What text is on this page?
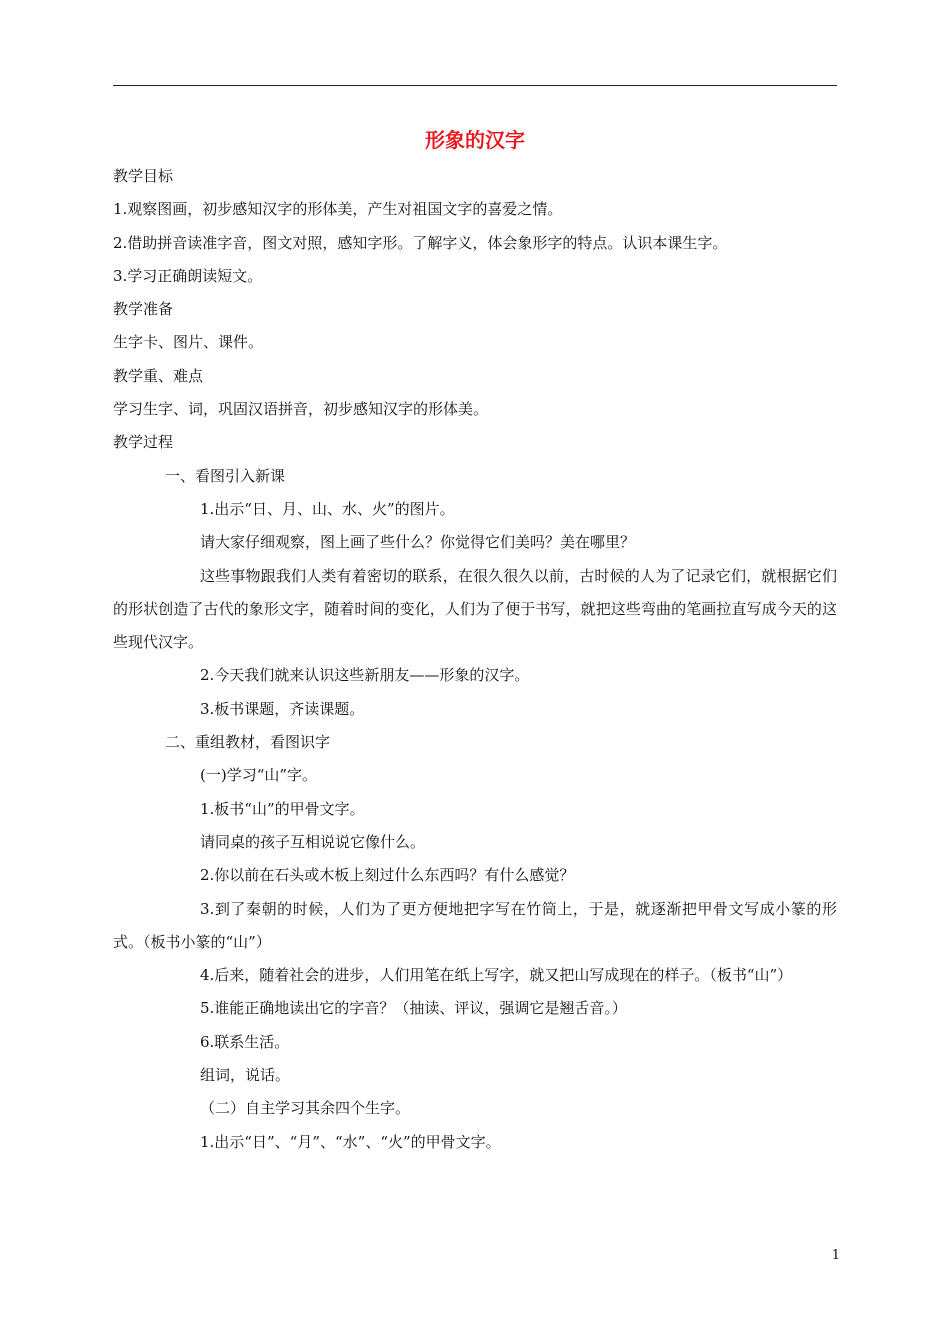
形象的汉字

教学目标

1.观察图画，初步感知汉字的形体美，产生对祖国文字的喜爱之情。

2.借助拼音读准字音，图文对照，感知字形。了解字义，体会象形字的特点。认识本课生字。

3.学习正确朗读短文。

教学准备

生字卡、图片、课件。

教学重、难点

学习生字、词，巩固汉语拼音，初步感知汉字的形体美。

教学过程

一、看图引入新课

1.出示“日、月、山、水、火”的图片。

请大家仔细观察，图上画了些什么？你觉得它们美吗？美在哪里？

这些事物跟我们人类有着密切的联系，在很久很久以前，古时候的人为了记录它们，就根据它们的形状创造了古代的象形文字，随着时间的变化，人们为了便于书写，就把这些弯曲的笔画拉直写成今天的这些现代汉字。

2.今天我们就来认识这些新朋友——形象的汉字。

3.板书课题，齐读课题。

二、重组教材，看图识字

(一)学习“山”字。

1.板书“山”的甲骨文字。

请同桌的孩子互相说说它像什么。

2.你以前在石头或木板上刻过什么东西吗？有什么感觉？

3.到了秦朝的时候，人们为了更方便地把字写在竹筒上，于是，就逐渐把甲骨文写成小篆的形式。（板书小篆的“山”）

4.后来，随着社会的进步，人们用笔在纸上写字，就又把山写成现在的样子。（板书“山”）

5.谁能正确地读出它的字音？（抽读、评议，强调它是翘舌音。）

6.联系生活。

组词，说话。

（二）自主学习其余四个生字。

1.出示“日”、“月”、“水”、“火”的甲骨文字。

1
